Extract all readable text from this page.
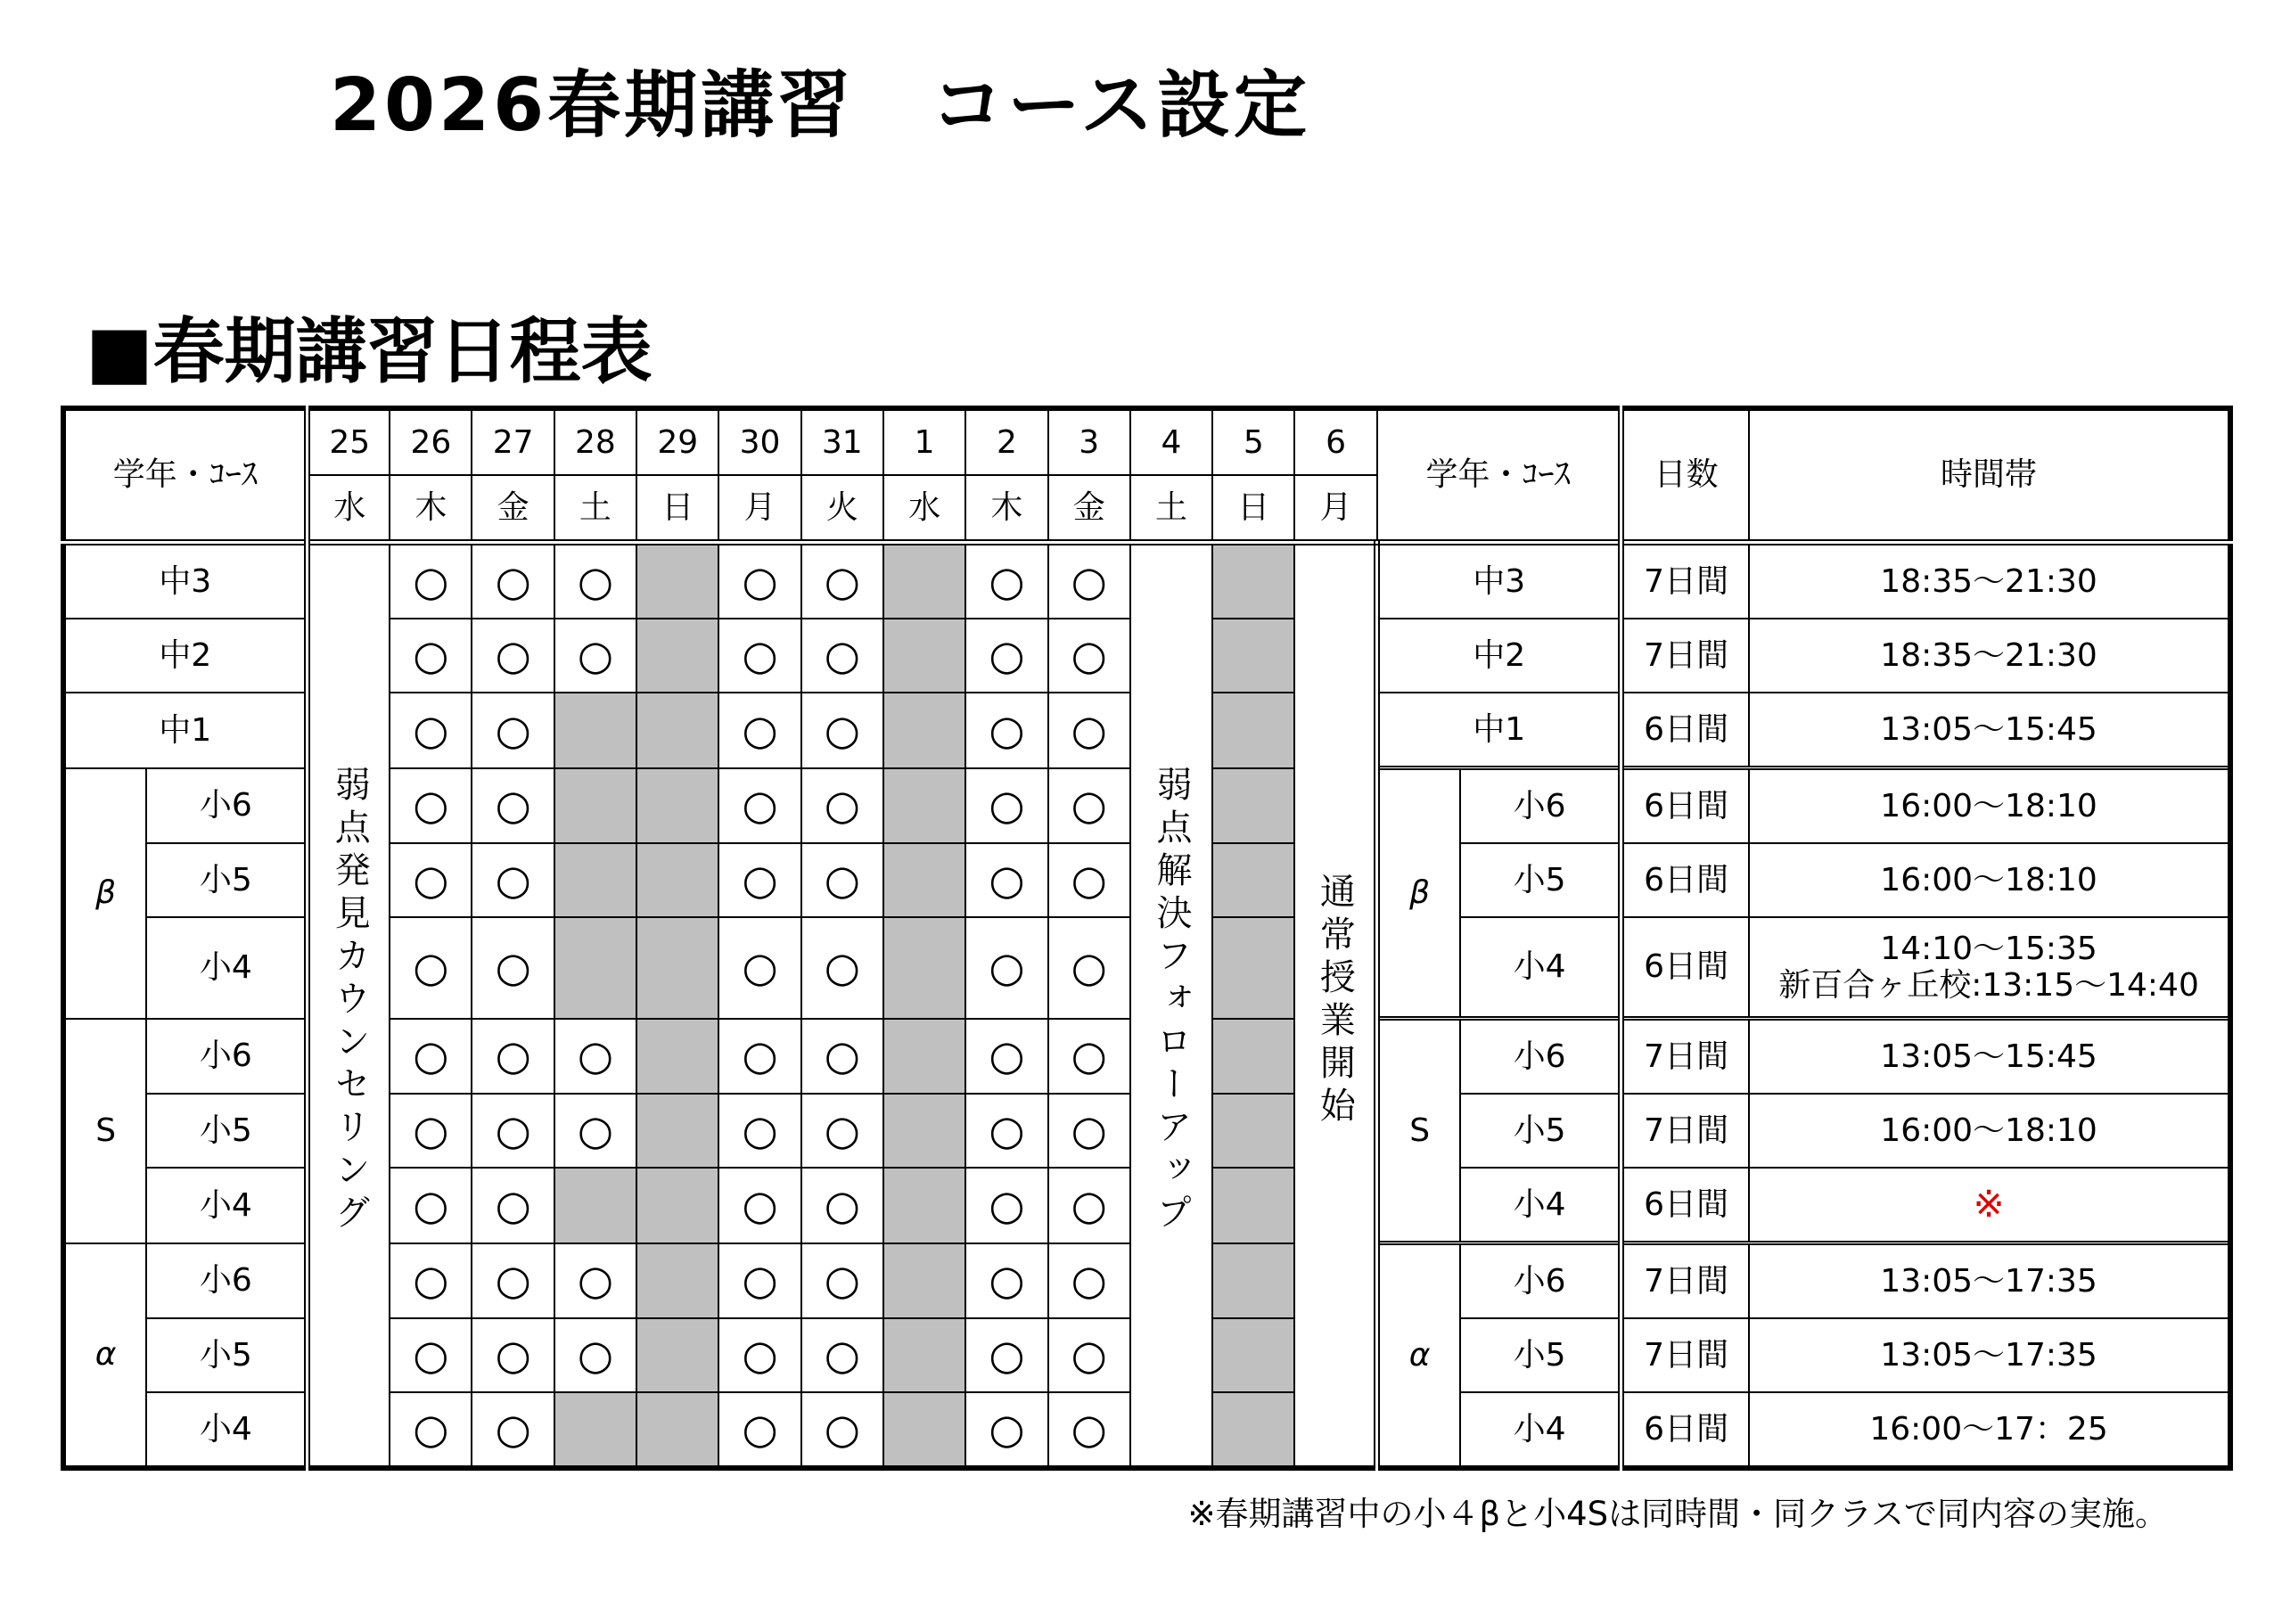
2026春期講習　コース設定
■春期講習日程表
学年・ｺｰｽ		25	26	27	28	29	30	31	1	2	3	4	5	6	学年・ｺｰｽ		日数	時間帯
		水	木	金	土	日	月	火	水	木	金	土	日	月				
中3		弱点発見カウンセリング	○	○	○		○	○		○	○	弱点解決フォローアップ		通常授業開始	中3		7日間	18:35～21:30

中2			○	○	○		○	○		○	○				中2		7日間	18:35～21:30

中1			○	○			○	○		○	○				中1		6日間	13:05～15:45

β	小6		○	○			○	○		○	○				β	小6	6日間	16:00～18:10

	小5		○	○			○	○		○	○					小5	6日間	16:00～18:10

	小4		○	○			○	○		○	○					小4	6日間	14:10～15:35
新百合ヶ丘校:13:15～14:40

S	小6		○	○	○		○	○		○	○				S	小6	7日間	13:05～15:45

	小5		○	○	○		○	○		○	○					小5	7日間	16:00～18:10

	小4		○	○			○	○		○	○					小4	6日間	※
α	小6		○	○	○		○	○		○	○				α	小6	7日間	13:05～17:35

	小5		○	○	○		○	○		○	○					小5	7日間	13:05～17:35

	小4		○	○			○	○		○	○					小4	6日間	16:00～17：25
※春期講習中の小４βと小4Sは同時間・同クラスで同内容の実施。
